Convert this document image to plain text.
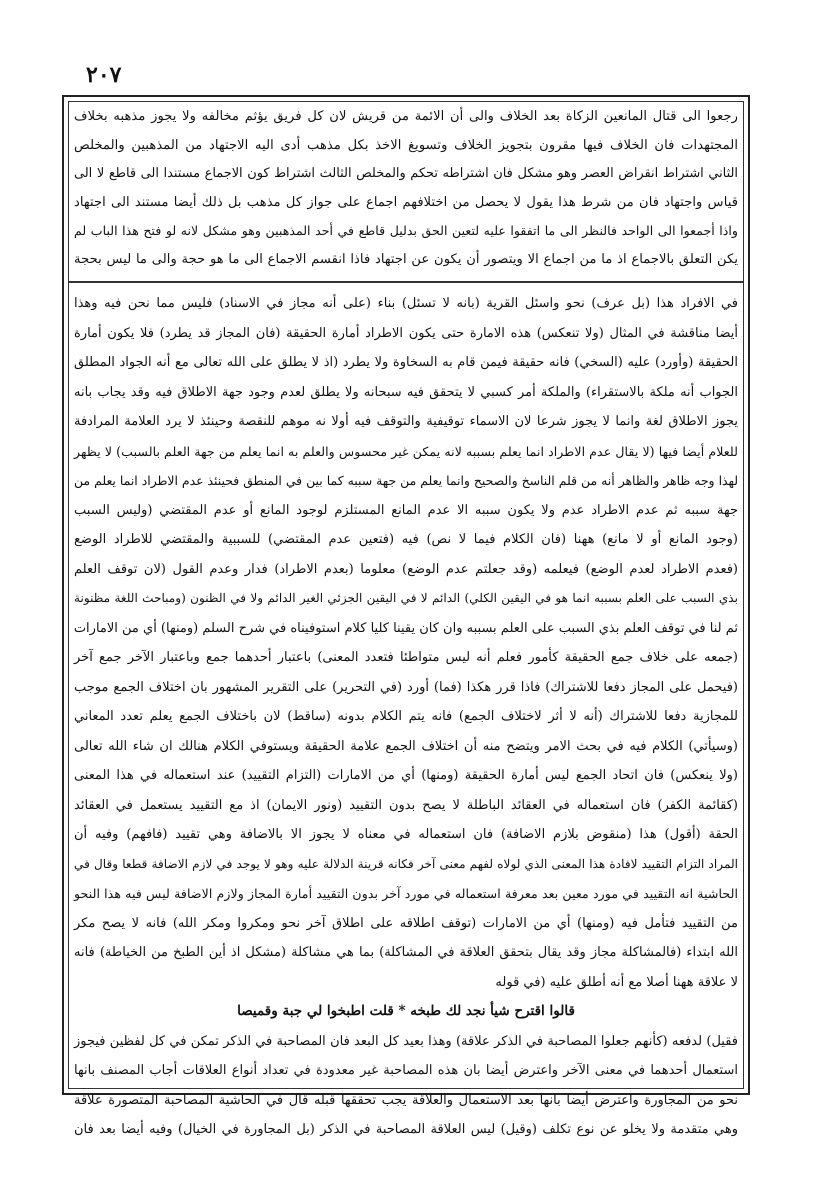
٢٠٧
رجعوا الى قتال المانعين الزكاة بعد الخلاف والى أن الائمة من قريش لان كل فريق يؤثم مخالفه ولا يجوز مذهبه بخلاف
المجتهدات فان الخلاف فيها مقرون بتجويز الخلاف وتسويغ الاخذ بكل مذهب أدى اليه الاجتهاد من المذهبين والمخلص
الثاني اشتراط انقراض العصر وهو مشكل فان اشتراطه تحكم والمخلص الثالث اشتراط كون الاجماع مستندا الى قاطع لا الى
قياس واجتهاد فان من شرط هذا يقول لا يحصل من اختلافهم اجماع على جواز كل مذهب بل ذلك أيضا مستند الى اجتهاد
واذا أجمعوا الى الواحد فالنظر الى ما اتفقوا عليه لتعين الحق بدليل قاطع في أحد المذهبين وهو مشكل لانه لو فتح هذا الباب لم
يكن التعلق بالاجماع اذ ما من اجماع الا ويتصور أن يكون عن اجتهاد فاذا انقسم الاجماع الى ما هو حجة والى ما ليس بحجة
في الافراد هذا (بل عرف) نحو واسئل القرية (بانه لا تسئل) بناء (على أنه مجاز في الاسناد) فليس مما نحن فيه وهذا
أيضا مناقشة في المثال (ولا تنعكس) هذه الامارة حتى يكون الاطراد أمارة الحقيقة (فان المجاز قد يطرد) فلا يكون أمارة
الحقيقة (وأورد) عليه (السخي) فانه حقيقة فيمن قام به السخاوة ولا يطرد (اذ لا يطلق على الله تعالى مع أنه الجواد المطلق
الجواب أنه ملكة بالاستقراء) والملكة أمر كسبي لا يتحقق فيه سبحانه ولا يطلق لعدم وجود جهة الاطلاق فيه وقد يجاب بانه
يجوز الاطلاق لغة وانما لا يجوز شرعا لان الاسماء توقيفية والتوقف فيه أولا نه موهم للنقصة وحينئذ لا يرد العلامة المرادفة
للعلام أيضا فيها (لا يقال عدم الاطراد انما يعلم بسببه لانه يمكن غير محسوس والعلم به انما يعلم من جهة العلم بالسبب) لا يظهر
لهذا وجه ظاهر والظاهر أنه من قلم الناسخ والصحيح وانما يعلم من جهة سببه كما بين في المنطق فحينئذ عدم الاطراد انما يعلم من
جهة سببه ثم عدم الاطراد عدم ولا يكون سببه الا عدم المانع المستلزم لوجود المانع أو عدم المقتضي (وليس السبب
(وجود المانع أو لا مانع) ههنا (فان الكلام فيما لا نص) فيه (فتعين عدم المقتضي) للسببية والمقتضي للاطراد الوضع
(فعدم الاطراد لعدم الوضع) فيعلمه (وقد جعلتم عدم الوضع) معلوما (بعدم الاطراد) فدار وعدم القول (لان توقف العلم
بذي السبب على العلم بسببه انما هو في اليقين الكلي) الدائم لا في اليقين الجزئي الغير الدائم ولا في الظنون (ومباحث اللغة مظنونة
ثم لنا في توقف العلم بذي السبب على العلم بسببه وان كان يقينا كليا كلام استوفيناه في شرح السلم (ومنها) أي من الامارات
(جمعه على خلاف جمع الحقيقة كأمور فعلم أنه ليس متواطئا فتعدد المعنى) باعتبار أحدهما جمع وباعتبار الآخر جمع آخر
(فيحمل على المجاز دفعا للاشتراك) فاذا قرر هكذا (فما) أورد (في التحرير) على التقرير المشهور بان اختلاف الجمع موجب
للمجازية دفعا للاشتراك (أنه لا أثر لاختلاف الجمع) فانه يتم الكلام بدونه (ساقط) لان باختلاف الجمع يعلم تعدد المعاني
(وسيأتي) الكلام فيه في بحث الامر ويتضح منه أن اختلاف الجمع علامة الحقيقة ويستوفي الكلام هنالك ان شاء الله تعالى
(ولا ينعكس) فان اتحاد الجمع ليس أمارة الحقيقة (ومنها) أي من الامارات (التزام التقييد) عند استعماله في هذا المعنى
(كقائمة الكفر) فان استعماله في العقائد الباطلة لا يصح بدون التقييد (ونور الايمان) اذ مع التقييد يستعمل في العقائد
الحقة (أقول) هذا (منقوض بلازم الاضافة) فان استعماله في معناه لا يجوز الا بالاضافة وهي تقييد (فافهم) وفيه أن
المراد التزام التقييد لافادة هذا المعنى الذي لولاه لفهم معنى آخر فكانه قرينة الدلالة عليه وهو لا يوجد في لازم الاضافة قطعا وقال في
الحاشية انه التقييد في مورد معين بعد معرفة استعماله في مورد آخر بدون التقييد أمارة المجاز ولازم الاضافة ليس فيه هذا النحو
من التقييد فتأمل فيه (ومنها) أي من الامارات (توقف اطلاقه على اطلاق آخر نحو ومكروا ومكر الله) فانه لا يصح مكر
الله ابتداء (فالمشاكلة مجاز وقد يقال بتحقق العلاقة في المشاكلة) بما هي مشاكلة (مشكل اذ أين الطبخ من الخياطة) فانه
لا علاقة ههنا أصلا مع أنه أطلق عليه (في قوله
قالوا اقترح شيأ نجد لك طبخه * قلت اطبخوا لي جبة وقميصا
فقيل) لدفعه (كأنهم جعلوا المصاحبة في الذكر علاقة) وهذا بعيد كل البعد فان المصاحبة في الذكر تمكن في كل لفظين فيجوز
استعمال أحدهما في معنى الآخر واعترض أيضا بان هذه المصاحبة غير معدودة في تعداد أنواع العلاقات أجاب المصنف بانها
نحو من المجاورة واعترض أيضا بانها بعد الاستعمال والعلاقة يجب تحققها قبله قال في الحاشية المصاحبة المتصورة علاقة
وهي متقدمة ولا يخلو عن نوع تكلف (وقيل) ليس العلاقة المصاحبة في الذكر (بل المجاورة في الخيال) وفيه أيضا بعد فان
